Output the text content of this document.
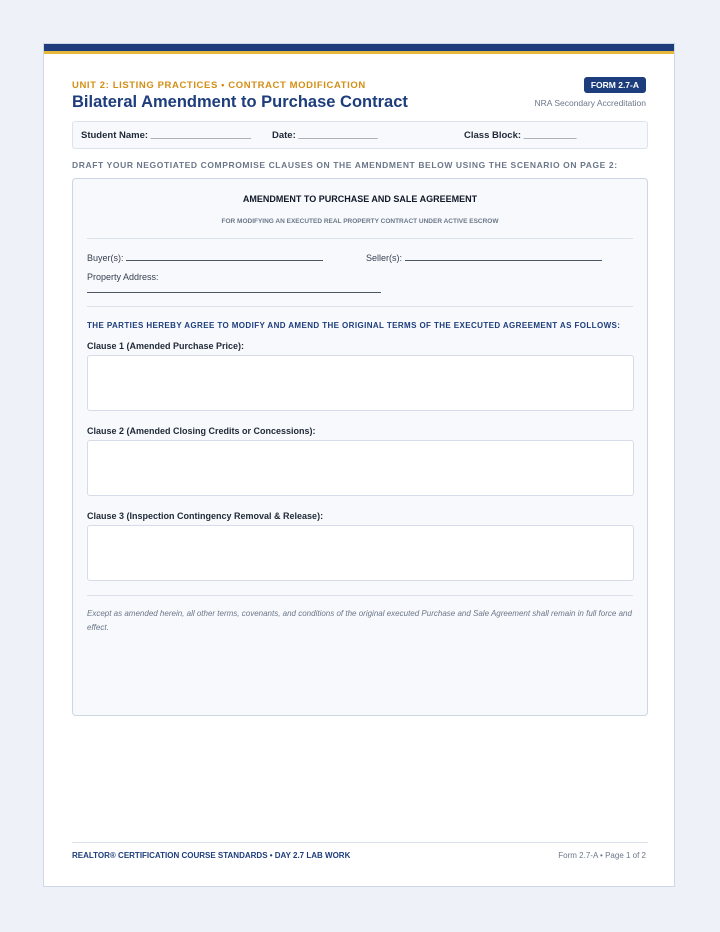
UNIT 2: LISTING PRACTICES • CONTRACT MODIFICATION
Bilateral Amendment to Purchase Contract
FORM 2.7-A
NRA Secondary Accreditation
Student Name: ___________________ Date: _______________	Class Block: __________
DRAFT YOUR NEGOTIATED COMPROMISE CLAUSES ON THE AMENDMENT BELOW USING THE SCENARIO ON PAGE 2:
AMENDMENT TO PURCHASE AND SALE AGREEMENT
FOR MODIFYING AN EXECUTED REAL PROPERTY CONTRACT UNDER ACTIVE ESCROW
Buyer(s):	Seller(s):
Property Address:
THE PARTIES HEREBY AGREE TO MODIFY AND AMEND THE ORIGINAL TERMS OF THE EXECUTED AGREEMENT AS FOLLOWS:
Clause 1 (Amended Purchase Price):
Clause 2 (Amended Closing Credits or Concessions):
Clause 3 (Inspection Contingency Removal & Release):
Except as amended herein, all other terms, covenants, and conditions of the original executed Purchase and Sale Agreement shall remain in full force and effect.
REALTOR® CERTIFICATION COURSE STANDARDS • DAY 2.7 LAB WORK	Form 2.7-A • Page 1 of 2
